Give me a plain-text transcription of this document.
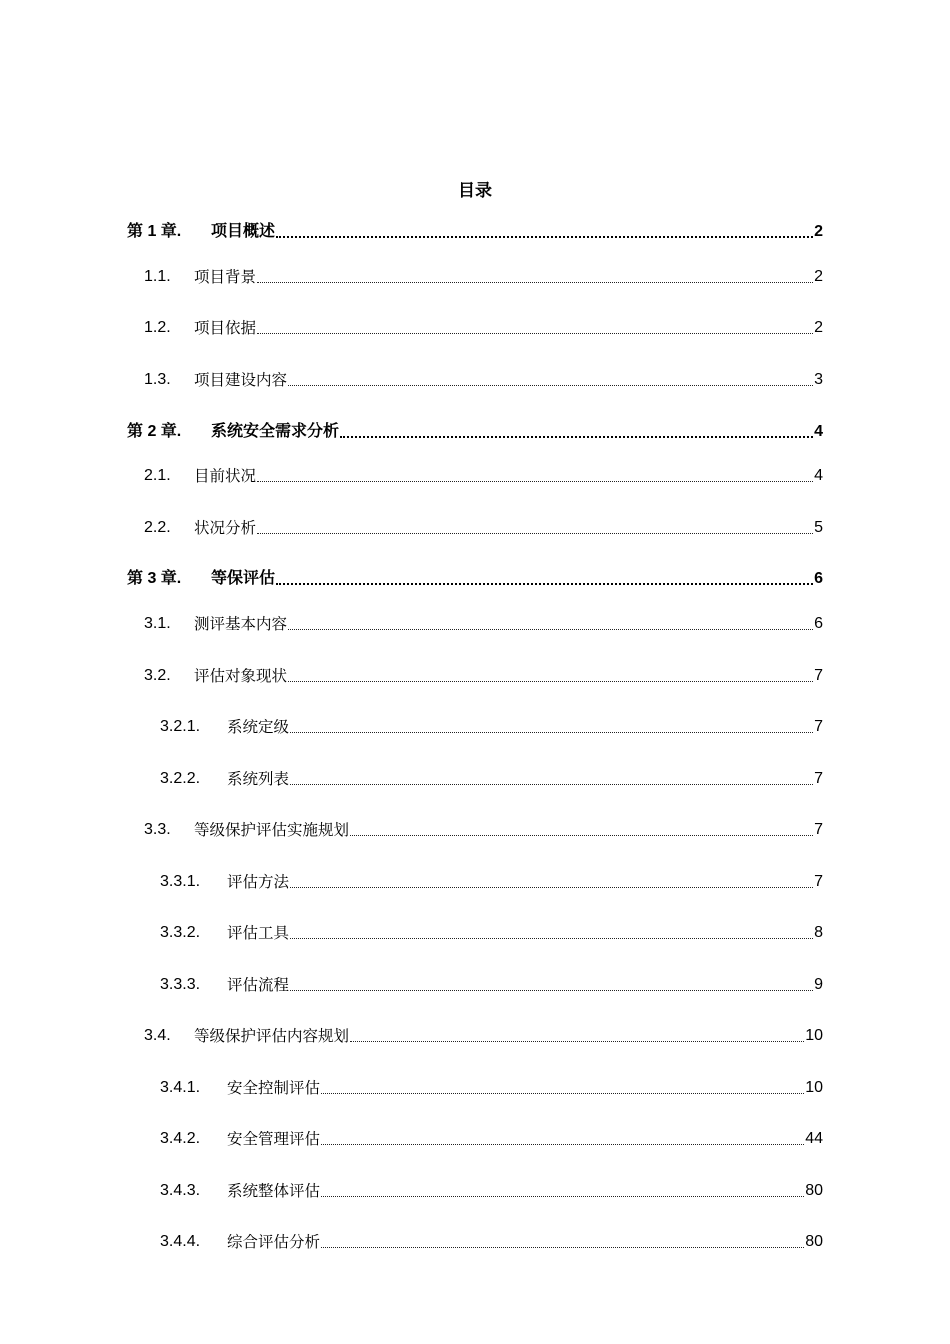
目录
第 1 章.	项目概述	2
1.1.	项目背景	2
1.2.	项目依据	2
1.3.	项目建设内容	3
第 2 章.	系统安全需求分析	4
2.1.	目前状况	4
2.2.	状况分析	5
第 3 章.	等保评估	6
3.1.	测评基本内容	6
3.2.	评估对象现状	7
3.2.1.	系统定级	7
3.2.2.	系统列表	7
3.3.	等级保护评估实施规划	7
3.3.1.	评估方法	7
3.3.2.	评估工具	8
3.3.3.	评估流程	9
3.4.	等级保护评估内容规划	10
3.4.1.	安全控制评估	10
3.4.2.	安全管理评估	44
3.4.3.	系统整体评估	80
3.4.4.	综合评估分析	80
